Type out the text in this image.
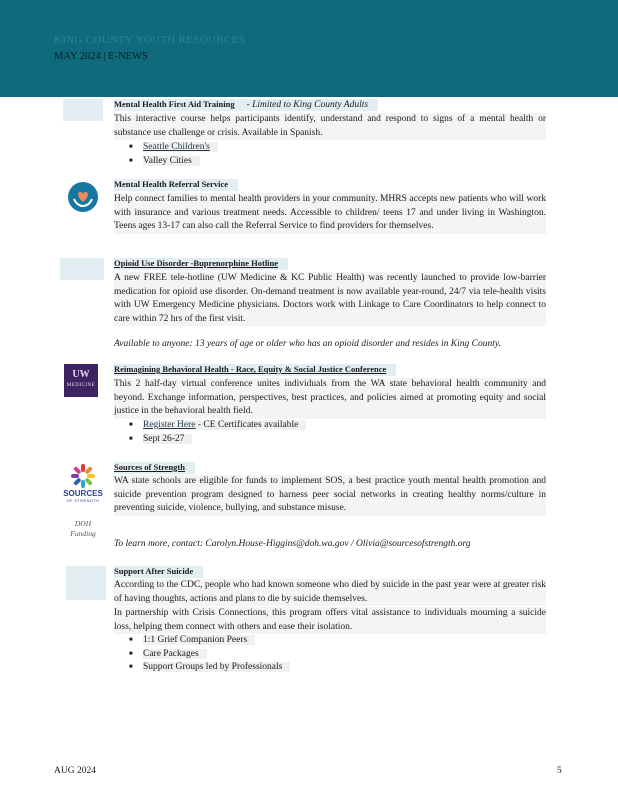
KING COUNTY YOUTH RESOURCES
MAY 2024 | E-NEWS
Mental Health First Aid Training - Limited to King County Adults
This interactive course helps participants identify, understand and respond to signs of a mental health or substance use challenge or crisis. Available in Spanish.
■ Seattle Children's
■ Valley Cities
Mental Health Referral Service
Help connect families to mental health providers in your community. MHRS accepts new patients who will work with insurance and various treatment needs. Accessible to children/ teens 17 and under living in Washington. Teens ages 13-17 can also call the Referral Service to find providers for themselves.
Opioid Use Disorder -Buprenorphine Hotline
A new FREE tele-hotline (UW Medicine & KC Public Health) was recently launched to provide low-barrier medication for opioid use disorder. On-demand treatment is now available year-round, 24/7 via tele-health visits with UW Emergency Medicine physicians. Doctors work with Linkage to Care Coordinators to help connect to care within 72 hrs of the first visit.
Available to anyone: 13 years of age or older who has an opioid disorder and resides in King County.
UW
MEDICINE
Reimagining Behavioral Health - Race, Equity & Social Justice Conference
This 2 half-day virtual conference unites individuals from the WA state behavioral health community and beyond. Exchange information, perspectives, best practices, and policies aimed at promoting equity and social justice in the behavioral health field.
■ Register Here - CE Certificates available
■ Sept 26-27
SOURCES
OF STRENGTH
DOH
Funding
Sources of Strength
WA state schools are eligible for funds to implement SOS, a best practice youth mental health promotion and suicide prevention program designed to harness peer social networks in creating healthy norms/culture in preventing suicide, violence, bullying, and substance misuse.
To learn more, contact: Carolyn.House-Higgins@doh.wa.gov / Olivia@sourcesofstrength.org
Support After Suicide
According to the CDC, people who had known someone who died by suicide in the past year were at greater risk of having thoughts, actions and plans to die by suicide themselves.
In partnership with Crisis Connections, this program offers vital assistance to individuals mourning a suicide loss, helping them connect with others and ease their isolation.
■ 1:1 Grief Companion Peers
■ Care Packages
■ Support Groups led by Professionals
AUG 2024	5
